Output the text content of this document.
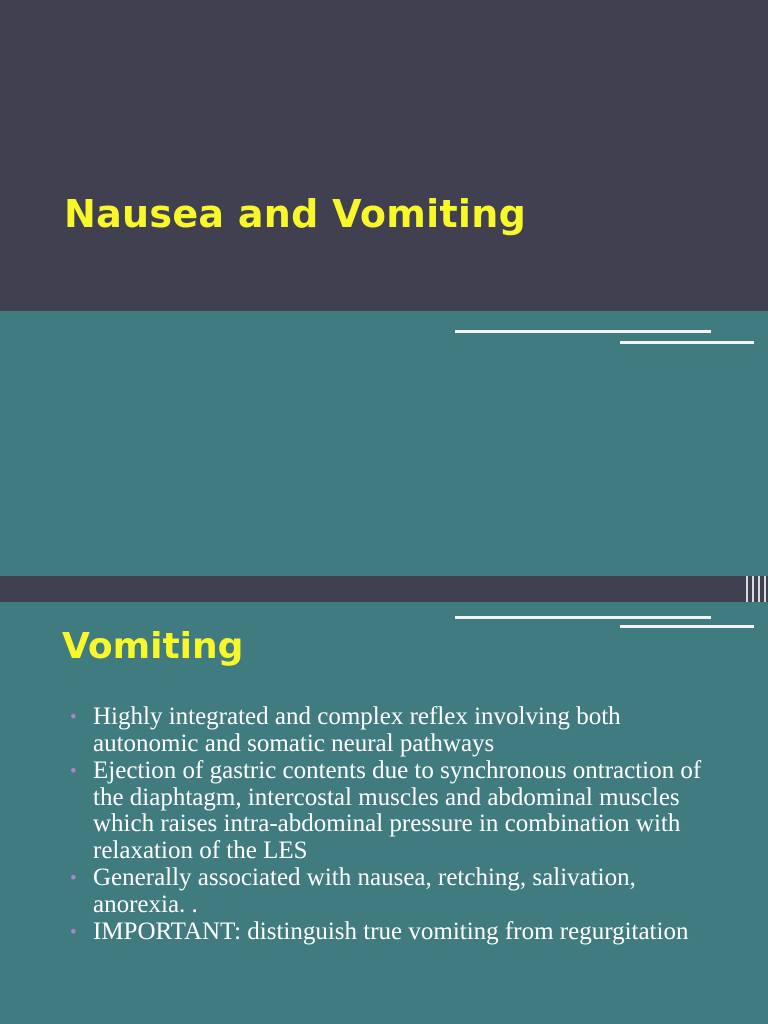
Nausea and Vomiting
Vomiting
• Highly integrated and complex reflex involving both autonomic and somatic neural pathways
• Ejection of gastric contents due to synchronous ontraction of the diaphtagm, intercostal muscles and abdominal muscles which raises intra-abdominal pressure in combination with relaxation of the LES
• Generally associated with nausea, retching, salivation, anorexia. .
• IMPORTANT: distinguish true vomiting from regurgitation
